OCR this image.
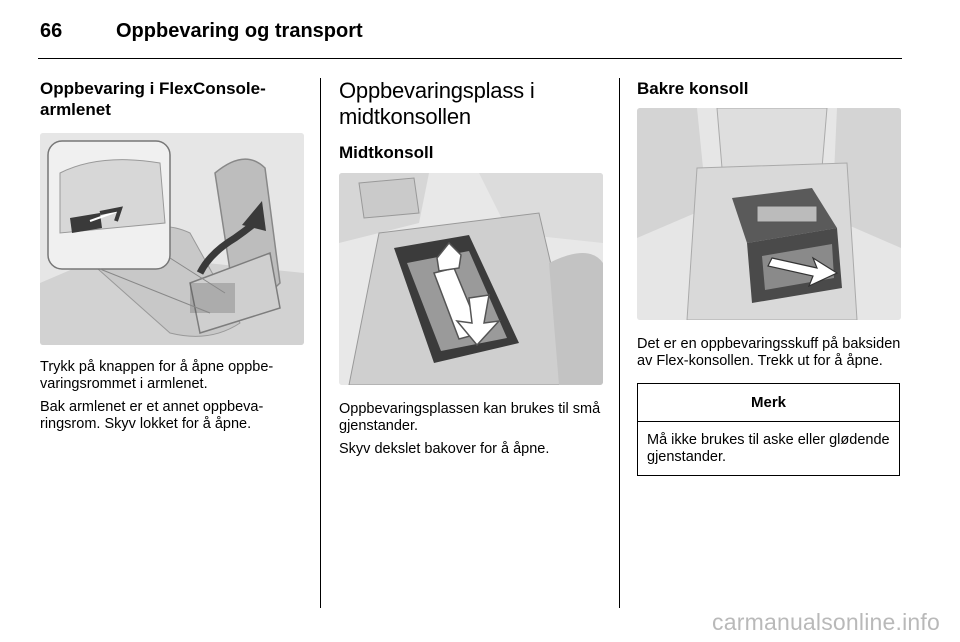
66	Oppbevaring og transport
Oppbevaring i FlexConsole-armlenet

Trykk på knappen for å åpne oppbevaringsrommet i armlenet.

Bak armlenet er et annet oppbevaringsrom. Skyv lokket for å åpne.

Oppbevaringsplass i midtkonsollen
Midtkonsoll

Oppbevaringsplassen kan brukes til små gjenstander.

Skyv dekslet bakover for å åpne.

Bakre konsoll

Det er en oppbevaringsskuff på baksiden av Flex-konsollen. Trekk ut for å åpne.

Merk
Må ikke brukes til aske eller glødende gjenstander.
carmanualsonline.info
